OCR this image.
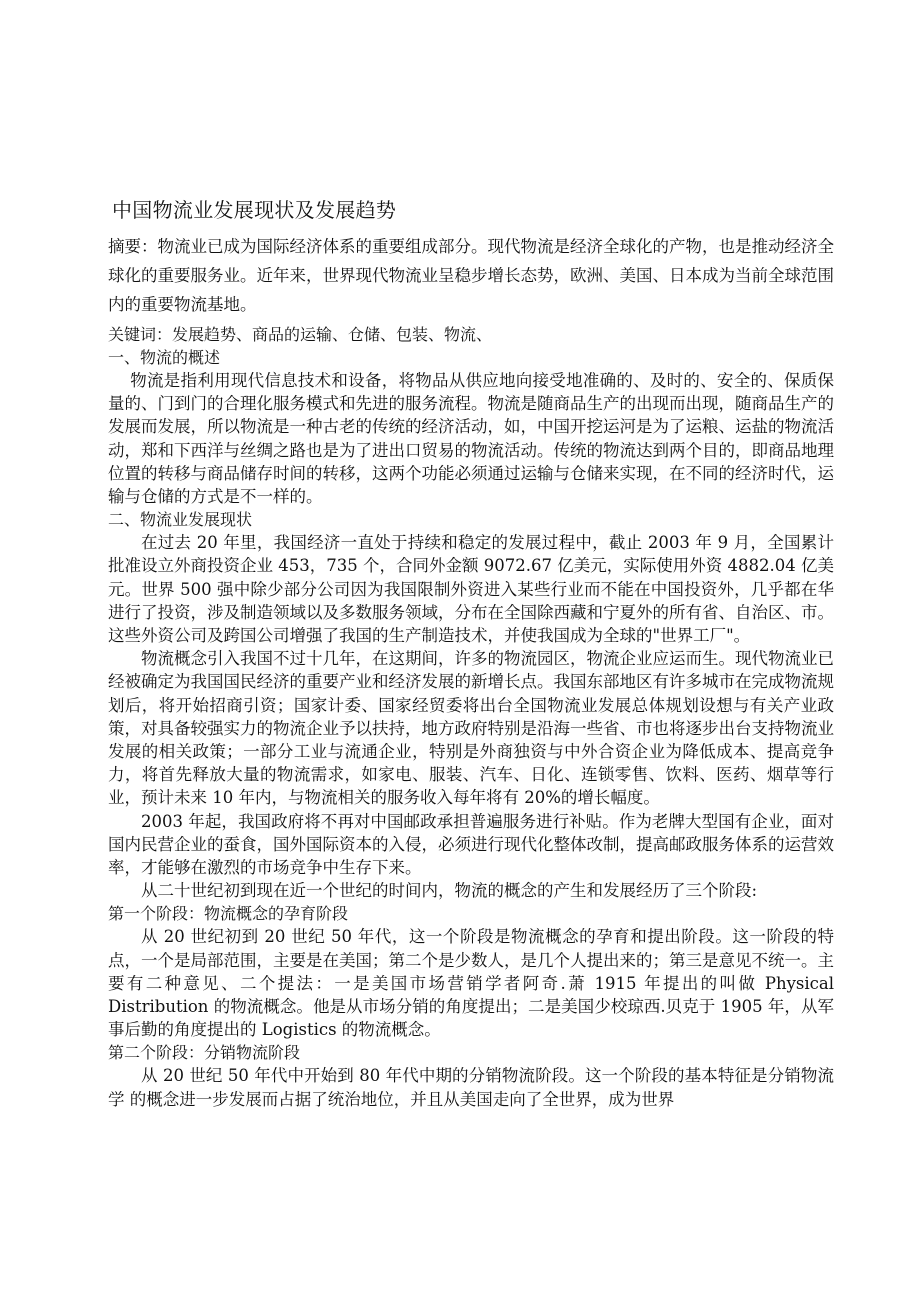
中国物流业发展现状及发展趋势

摘要：物流业已成为国际经济体系的重要组成部分。现代物流是经济全球化的产物，也是推动经济全球化的重要服务业。近年来，世界现代物流业呈稳步增长态势，欧洲、美国、日本成为当前全球范围内的重要物流基地。

关键词：发展趋势、商品的运输、仓储、包装、物流、

一、物流的概述

物流是指利用现代信息技术和设备，将物品从供应地向接受地准确的、及时的、安全的、保质保量的、门到门的合理化服务模式和先进的服务流程。物流是随商品生产的出现而出现，随商品生产的发展而发展，所以物流是一种古老的传统的经济活动，如，中国开挖运河是为了运粮、运盐的物流活动，郑和下西洋与丝绸之路也是为了进出口贸易的物流活动。传统的物流达到两个目的，即商品地理位置的转移与商品储存时间的转移，这两个功能必须通过运输与仓储来实现，在不同的经济时代，运输与仓储的方式是不一样的。

二、物流业发展现状

在过去 20 年里，我国经济一直处于持续和稳定的发展过程中，截止 2003 年 9 月，全国累计批准设立外商投资企业 453，735 个，合同外金额 9072.67 亿美元，实际使用外资 4882.04 亿美元。世界 500 强中除少部分公司因为我国限制外资进入某些行业而不能在中国投资外，几乎都在华进行了投资，涉及制造领域以及多数服务领域，分布在全国除西藏和宁夏外的所有省、自治区、市。这些外资公司及跨国公司增强了我国的生产制造技术，并使我国成为全球的"世界工厂"。

物流概念引入我国不过十几年，在这期间，许多的物流园区，物流企业应运而生。现代物流业已经被确定为我国国民经济的重要产业和经济发展的新增长点。我国东部地区有许多城市在完成物流规划后，将开始招商引资；国家计委、国家经贸委将出台全国物流业发展总体规划设想与有关产业政策，对具备较强实力的物流企业予以扶持，地方政府特别是沿海一些省、市也将逐步出台支持物流业发展的相关政策；一部分工业与流通企业，特别是外商独资与中外合资企业为降低成本、提高竞争力，将首先释放大量的物流需求，如家电、服装、汽车、日化、连锁零售、饮料、医药、烟草等行业，预计未来 10 年内，与物流相关的服务收入每年将有 20%的增长幅度。

2003 年起，我国政府将不再对中国邮政承担普遍服务进行补贴。作为老牌大型国有企业，面对国内民营企业的蚕食，国外国际资本的入侵，必须进行现代化整体改制，提高邮政服务体系的运营效率，才能够在激烈的市场竞争中生存下来。

从二十世纪初到现在近一个世纪的时间内，物流的概念的产生和发展经历了三个阶段:

第一个阶段：物流概念的孕育阶段

从 20 世纪初到 20 世纪 50 年代，这一个阶段是物流概念的孕育和提出阶段。这一阶段的特点，一个是局部范围，主要是在美国；第二个是少数人，是几个人提出来的；第三是意见不统一。主要有二种意见、二个提法：一是美国市场营销学者阿奇.萧 1915 年提出的叫做 Physical Distribution 的物流概念。他是从市场分销的角度提出；二是美国少校琼西.贝克于 1905 年，从军事后勤的角度提出的 Logistics 的物流概念。

第二个阶段：分销物流阶段

从 20 世纪 50 年代中开始到 80 年代中期的分销物流阶段。这一个阶段的基本特征是分销物流学 的概念进一步发展而占据了统治地位，并且从美国走向了全世界，成为世界
